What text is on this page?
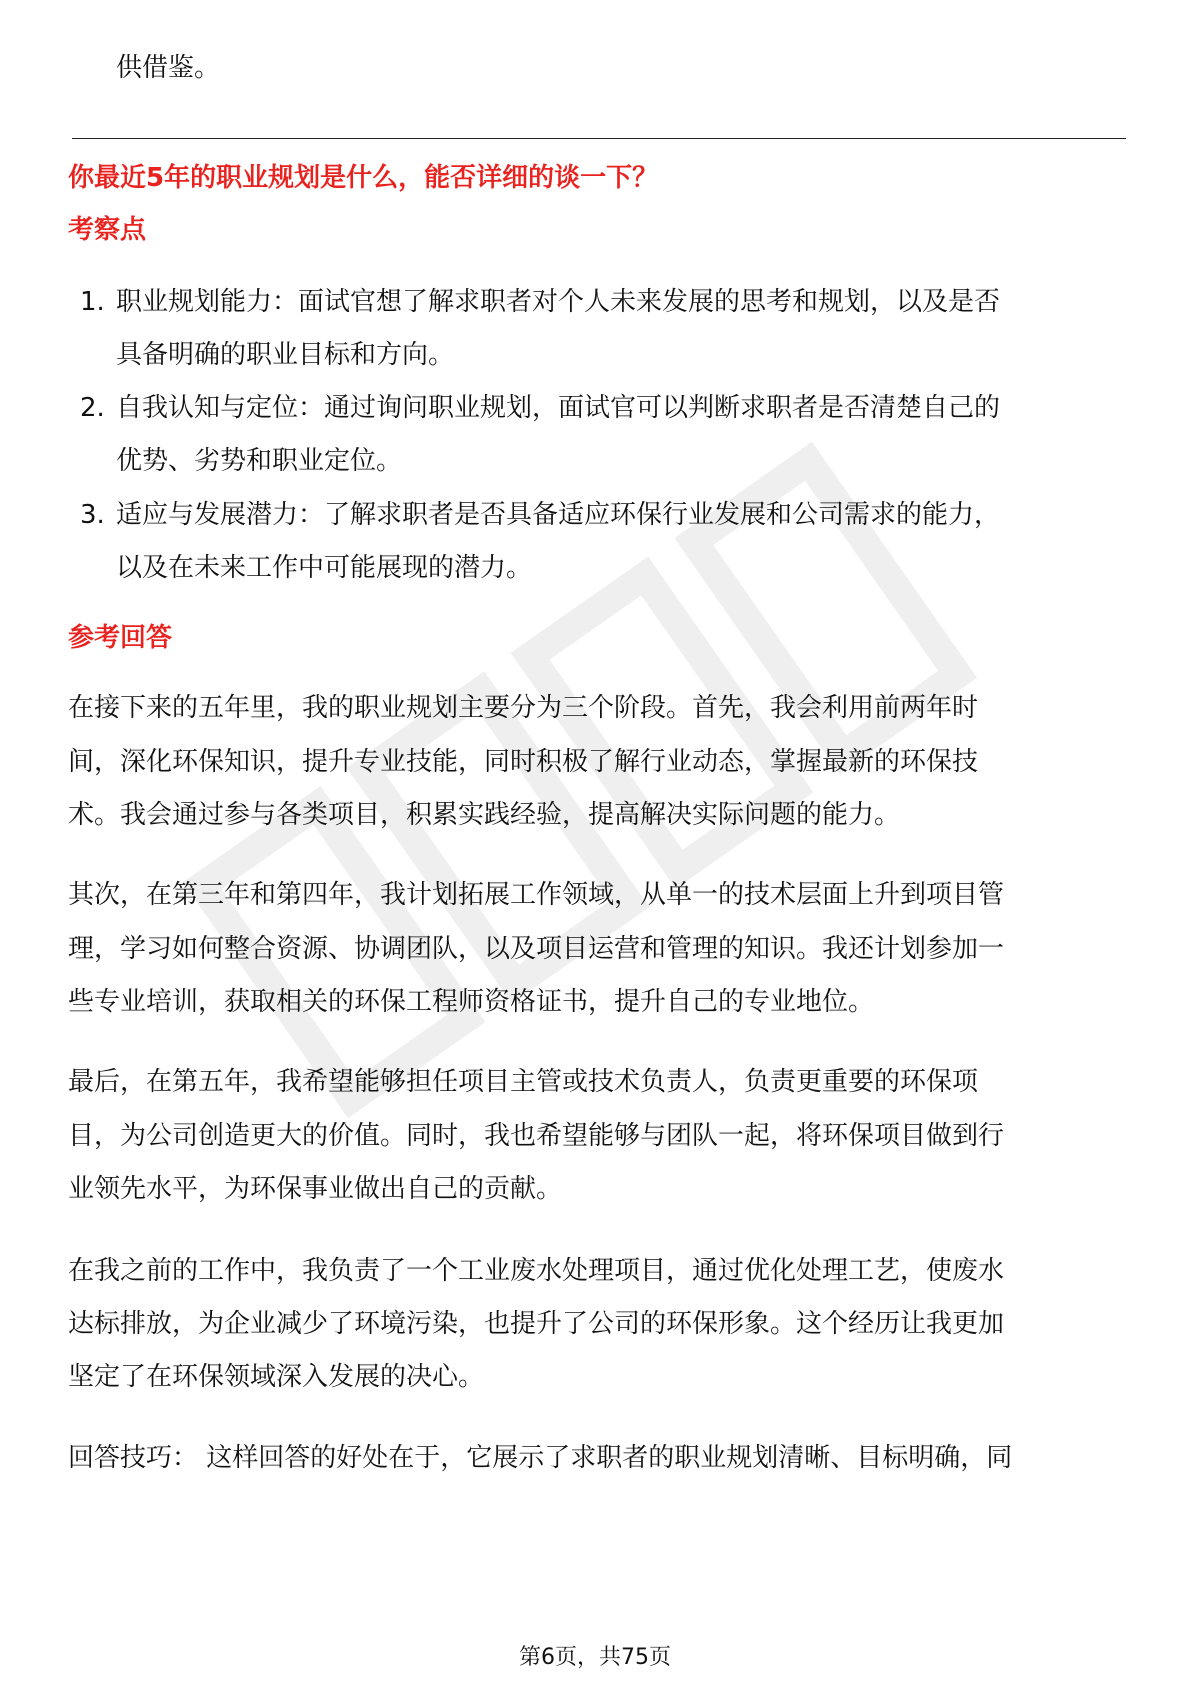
供借鉴。
你最近5年的职业规划是什么，能否详细的谈一下？
考察点
1. 职业规划能力：面试官想了解求职者对个人未来发展的思考和规划，以及是否
具备明确的职业目标和方向。
2. 自我认知与定位：通过询问职业规划，面试官可以判断求职者是否清楚自己的
优势、劣势和职业定位。
3. 适应与发展潜力：了解求职者是否具备适应环保行业发展和公司需求的能力，
以及在未来工作中可能展现的潜力。
参考回答
在接下来的五年里，我的职业规划主要分为三个阶段。首先，我会利用前两年时
间，深化环保知识，提升专业技能，同时积极了解行业动态，掌握最新的环保技
术。我会通过参与各类项目，积累实践经验，提高解决实际问题的能力。
其次，在第三年和第四年，我计划拓展工作领域，从单一的技术层面上升到项目管
理，学习如何整合资源、协调团队，以及项目运营和管理的知识。我还计划参加一
些专业培训，获取相关的环保工程师资格证书，提升自己的专业地位。
最后，在第五年，我希望能够担任项目主管或技术负责人，负责更重要的环保项
目，为公司创造更大的价值。同时，我也希望能够与团队一起，将环保项目做到行
业领先水平，为环保事业做出自己的贡献。
在我之前的工作中，我负责了一个工业废水处理项目，通过优化处理工艺，使废水
达标排放，为企业减少了环境污染，也提升了公司的环保形象。这个经历让我更加
坚定了在环保领域深入发展的决心。
回答技巧： 这样回答的好处在于，它展示了求职者的职业规划清晰、目标明确，同
第6页，共75页
